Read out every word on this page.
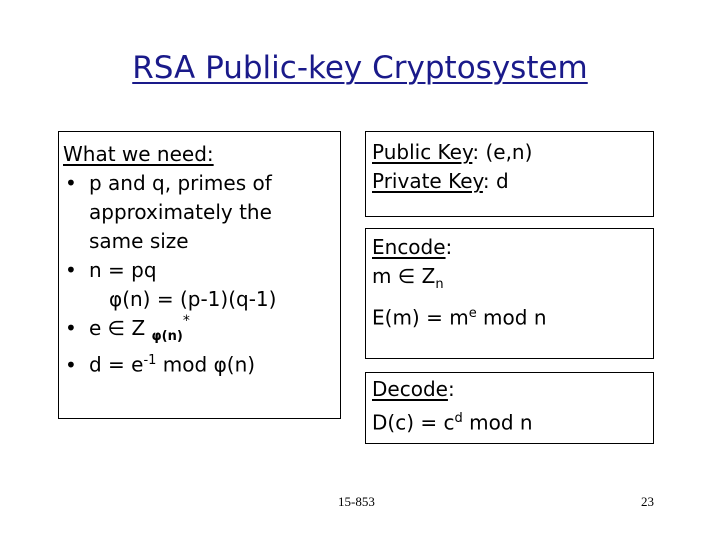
RSA Public-key Cryptosystem
What we need:
• p and q, primes of
approximately the
same size
• n = pq
φ(n) = (p-1)(q-1)
• e ∈ Z $_{\varphi(n)}$*
• $d = e^{-1}$ mod φ(n)
Public Key: (e,n)
Private Key: d
Encode:
m ∈ $Z_n$
$E(m) = m^e$ mod n
Decode:
$D(c) = c^d$ mod n
15-853	23
